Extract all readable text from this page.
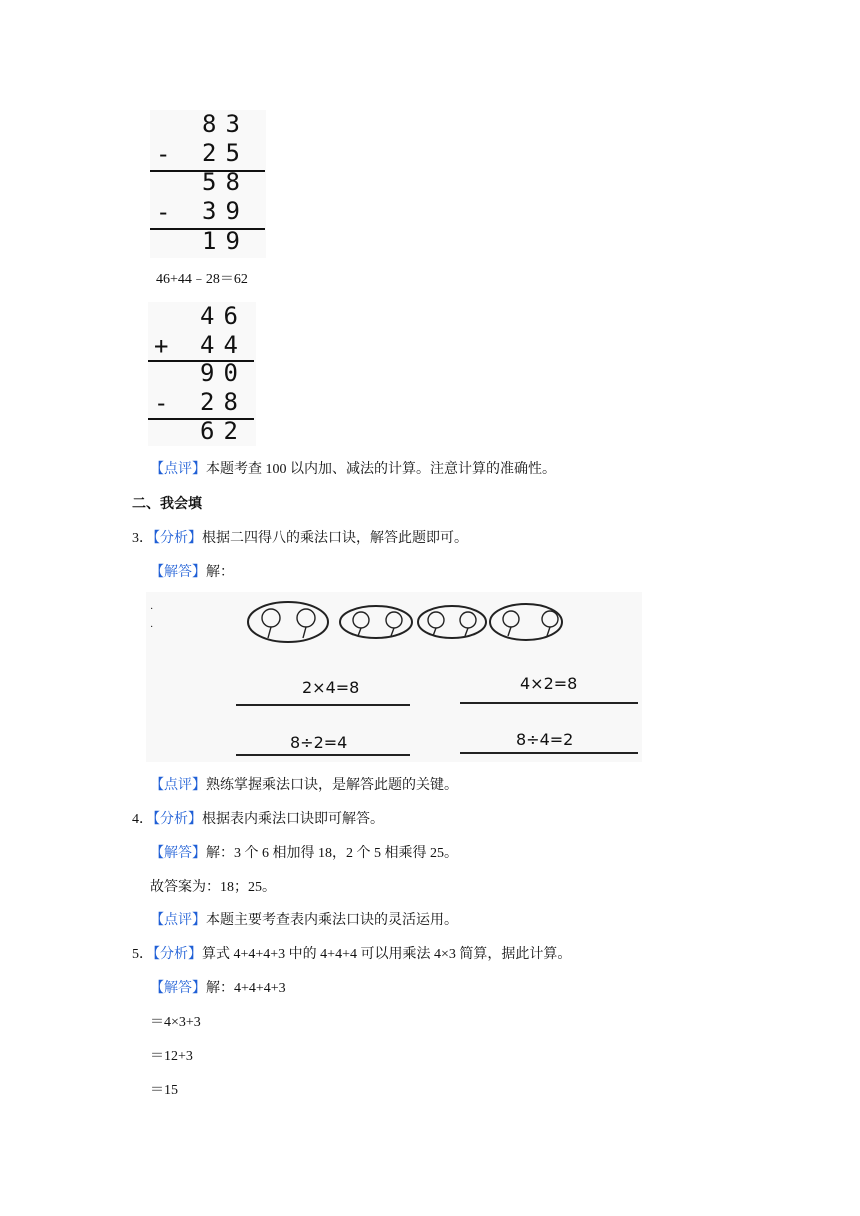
83
- 25
58
- 39
19
46+44﹣28＝62
46
+ 44
90
- 28
62
【点评】本题考查 100 以内加、减法的计算。注意计算的准确性。
二、我会填
3．【分析】根据二四得八的乘法口诀，解答此题即可。
【解答】解：
·
·
2×4=8	4×2=8
8÷2=4	8÷4=2
【点评】熟练掌握乘法口诀，是解答此题的关键。
4．【分析】根据表内乘法口诀即可解答。
【解答】解：3 个 6 相加得 18，2 个 5 相乘得 25。
故答案为：18；25。
【点评】本题主要考查表内乘法口诀的灵活运用。
5．【分析】算式 4+4+4+3 中的 4+4+4 可以用乘法 4×3 简算，据此计算。
【解答】解：4+4+4+3
＝4×3+3
＝12+3
＝15
